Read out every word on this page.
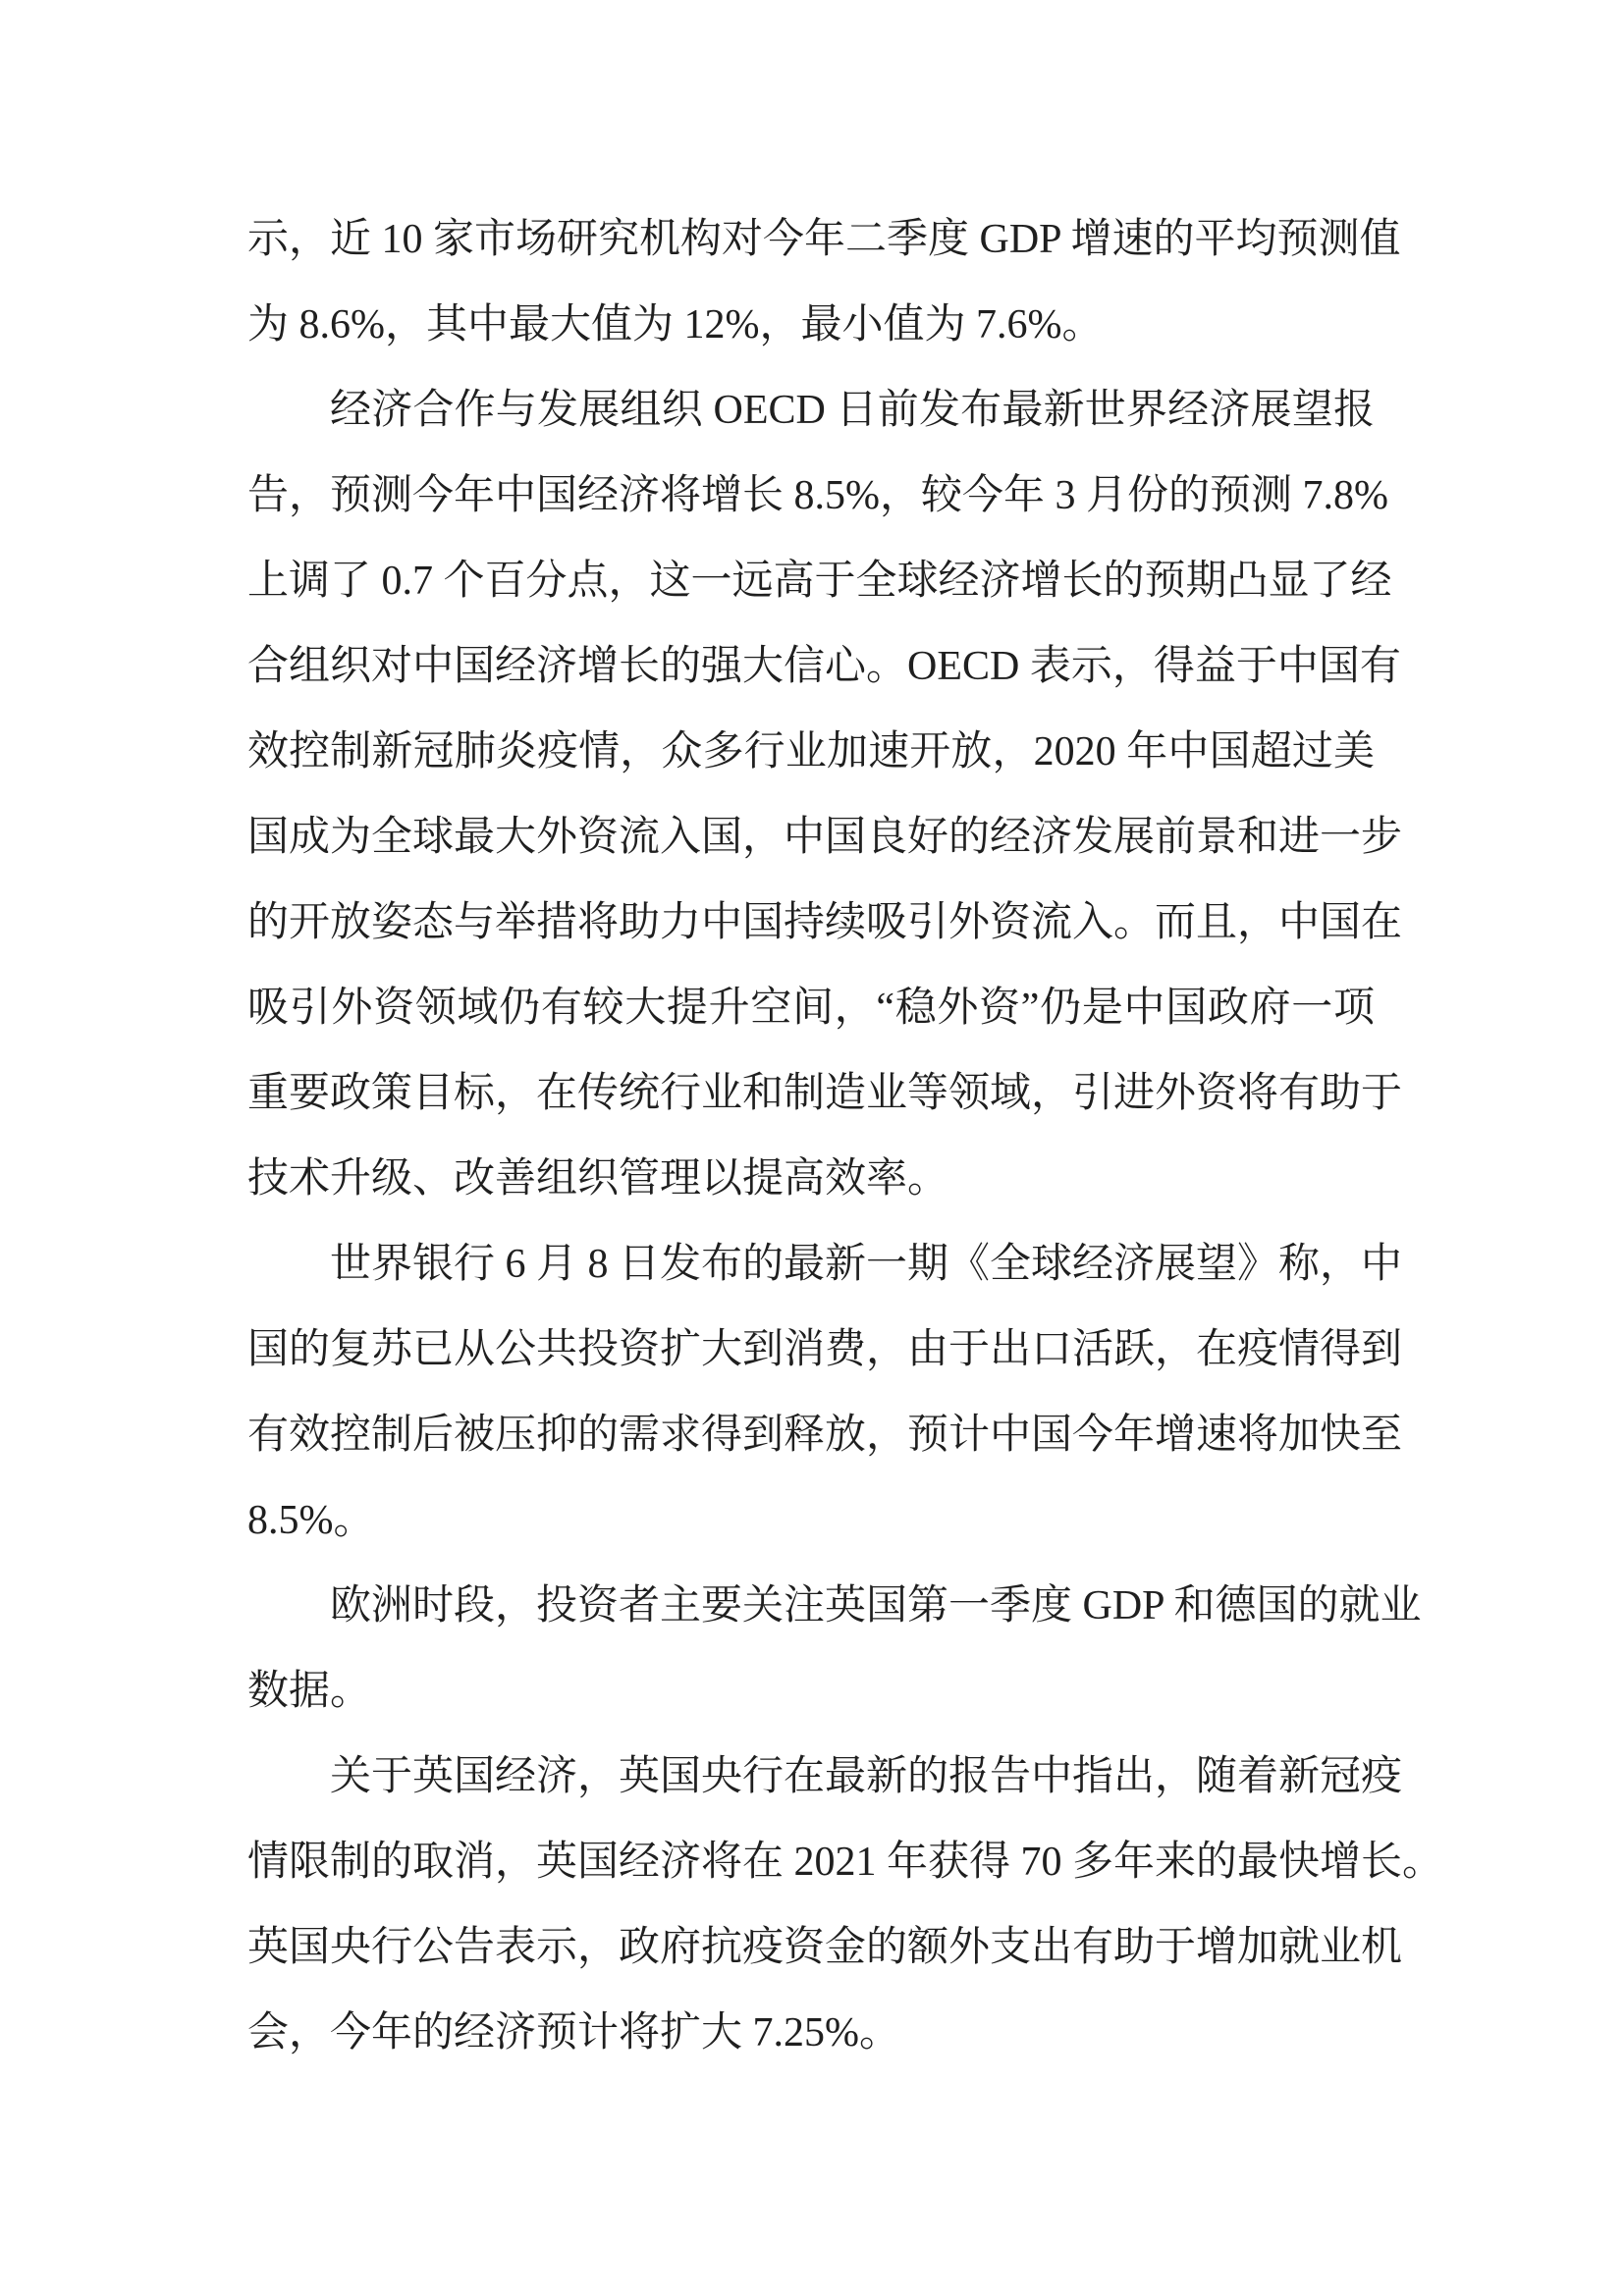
示，近 10 家市场研究机构对今年二季度 GDP 增速的平均预测值
为 8.6%，其中最大值为 12%，最小值为 7.6%。
经济合作与发展组织 OECD 日前发布最新世界经济展望报
告，预测今年中国经济将增长 8.5%，较今年 3 月份的预测 7.8%
上调了 0.7 个百分点，这一远高于全球经济增长的预期凸显了经
合组织对中国经济增长的强大信心。OECD 表示，得益于中国有
效控制新冠肺炎疫情，众多行业加速开放，2020 年中国超过美
国成为全球最大外资流入国，中国良好的经济发展前景和进一步
的开放姿态与举措将助力中国持续吸引外资流入。而且，中国在
吸引外资领域仍有较大提升空间，“稳外资”仍是中国政府一项
重要政策目标，在传统行业和制造业等领域，引进外资将有助于
技术升级、改善组织管理以提高效率。
世界银行 6 月 8 日发布的最新一期《全球经济展望》称，中
国的复苏已从公共投资扩大到消费，由于出口活跃，在疫情得到
有效控制后被压抑的需求得到释放，预计中国今年增速将加快至
8.5%。
欧洲时段，投资者主要关注英国第一季度 GDP 和德国的就业
数据。
关于英国经济，英国央行在最新的报告中指出，随着新冠疫
情限制的取消，英国经济将在 2021 年获得 70 多年来的最快增长。
英国央行公告表示，政府抗疫资金的额外支出有助于增加就业机
会，今年的经济预计将扩大 7.25%。
